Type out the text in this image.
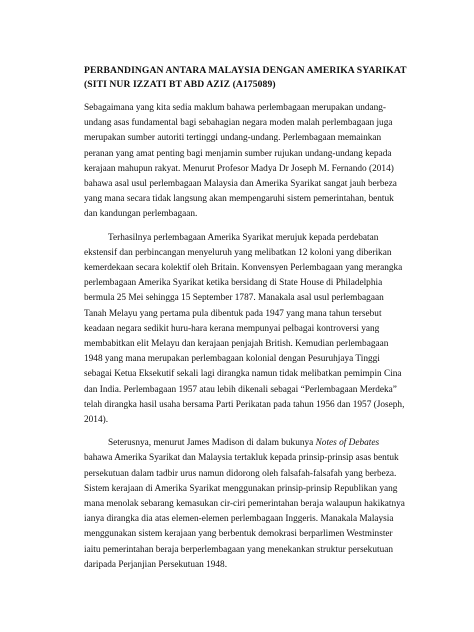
PERBANDINGAN ANTARA MALAYSIA DENGAN AMERIKA SYARIKAT
(SITI NUR IZZATI BT ABD AZIZ (A175089)

Sebagaimana yang kita sedia maklum bahawa perlembagaan merupakan undang-
undang asas fundamental bagi sebahagian negara moden malah perlembagaan juga
merupakan sumber autoriti tertinggi undang-undang. Perlembagaan memainkan
peranan yang amat penting bagi menjamin sumber rujukan undang-undang kepada
kerajaan mahupun rakyat. Menurut Profesor Madya Dr Joseph M. Fernando (2014)
bahawa asal usul perlembagaan Malaysia dan Amerika Syarikat sangat jauh berbeza
yang mana secara tidak langsung akan mempengaruhi sistem pemerintahan, bentuk
dan kandungan perlembagaan.

Terhasilnya perlembagaan Amerika Syarikat merujuk kepada perdebatan
ekstensif dan perbincangan menyeluruh yang melibatkan 12 koloni yang diberikan
kemerdekaan secara kolektif oleh Britain. Konvensyen Perlembagaan yang merangka
perlembagaan Amerika Syarikat ketika bersidang di State House di Philadelphia
bermula 25 Mei sehingga 15 September 1787. Manakala asal usul perlembagaan
Tanah Melayu yang pertama pula dibentuk pada 1947 yang mana tahun tersebut
keadaan negara sedikit huru-hara kerana mempunyai pelbagai kontroversi yang
membabitkan elit Melayu dan kerajaan penjajah British. Kemudian perlembagaan
1948 yang mana merupakan perlembagaan kolonial dengan Pesuruhjaya Tinggi
sebagai Ketua Eksekutif sekali lagi dirangka namun tidak melibatkan pemimpin Cina
dan India. Perlembagaan 1957 atau lebih dikenali sebagai “Perlembagaan Merdeka”
telah dirangka hasil usaha bersama Parti Perikatan pada tahun 1956 dan 1957 (Joseph,
2014).

Seterusnya, menurut James Madison di dalam bukunya Notes of Debates
bahawa Amerika Syarikat dan Malaysia tertakluk kepada prinsip-prinsip asas bentuk
persekutuan dalam tadbir urus namun didorong oleh falsafah-falsafah yang berbeza.
Sistem kerajaan di Amerika Syarikat menggunakan prinsip-prinsip Republikan yang
mana menolak sebarang kemasukan cir-ciri pemerintahan beraja walaupun hakikatnya
ianya dirangka dia atas elemen-elemen perlembagaan Inggeris. Manakala Malaysia
menggunakan sistem kerajaan yang berbentuk demokrasi berparlimen Westminster
iaitu pemerintahan beraja berperlembagaan yang menekankan struktur persekutuan
daripada Perjanjian Persekutuan 1948.
